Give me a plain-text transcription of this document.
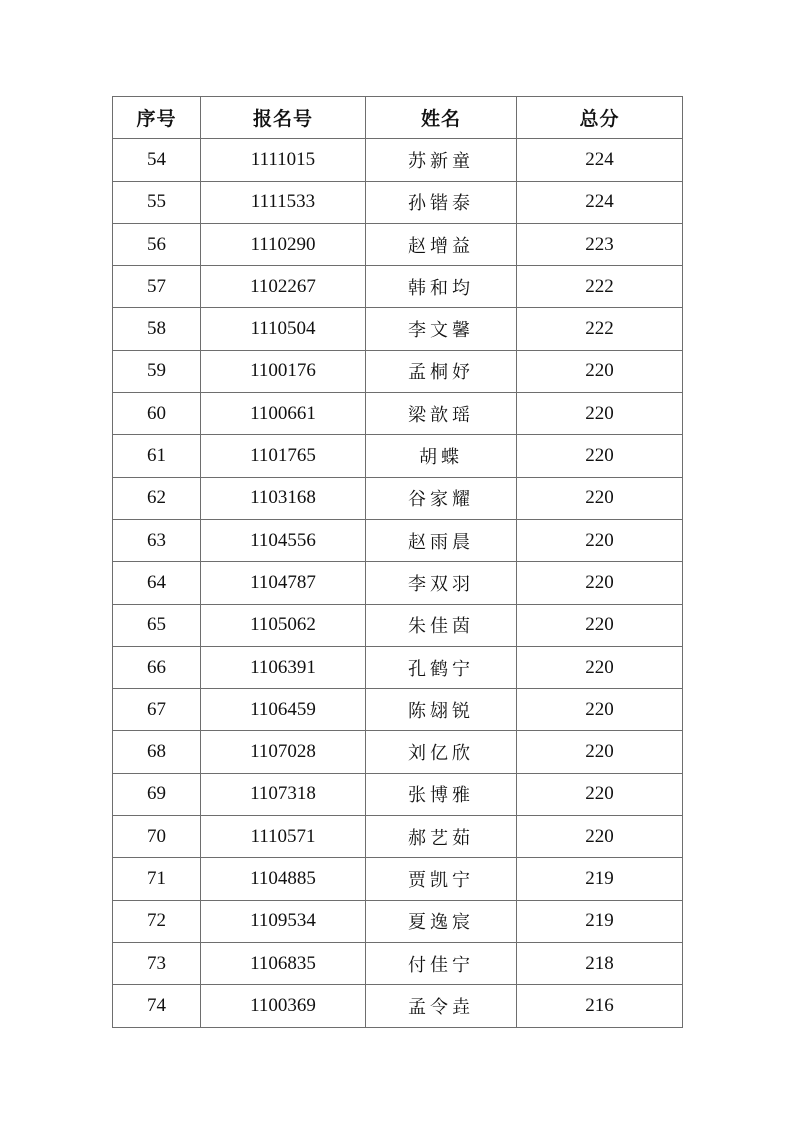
序号	报名号	姓名	总分
54	1111015	苏新童	224
55	1111533	孙锴泰	224
56	1110290	赵增益	223
57	1102267	韩和均	222
58	1110504	李文馨	222
59	1100176	孟桐妤	220
60	1100661	梁歆瑶	220
61	1101765	胡蝶	220
62	1103168	谷家耀	220
63	1104556	赵雨晨	220
64	1104787	李双羽	220
65	1105062	朱佳茵	220
66	1106391	孔鹤宁	220
67	1106459	陈翃锐	220
68	1107028	刘亿欣	220
69	1107318	张博雅	220
70	1110571	郝艺茹	220
71	1104885	贾凯宁	219
72	1109534	夏逸宸	219
73	1106835	付佳宁	218
74	1100369	孟令垚	216
